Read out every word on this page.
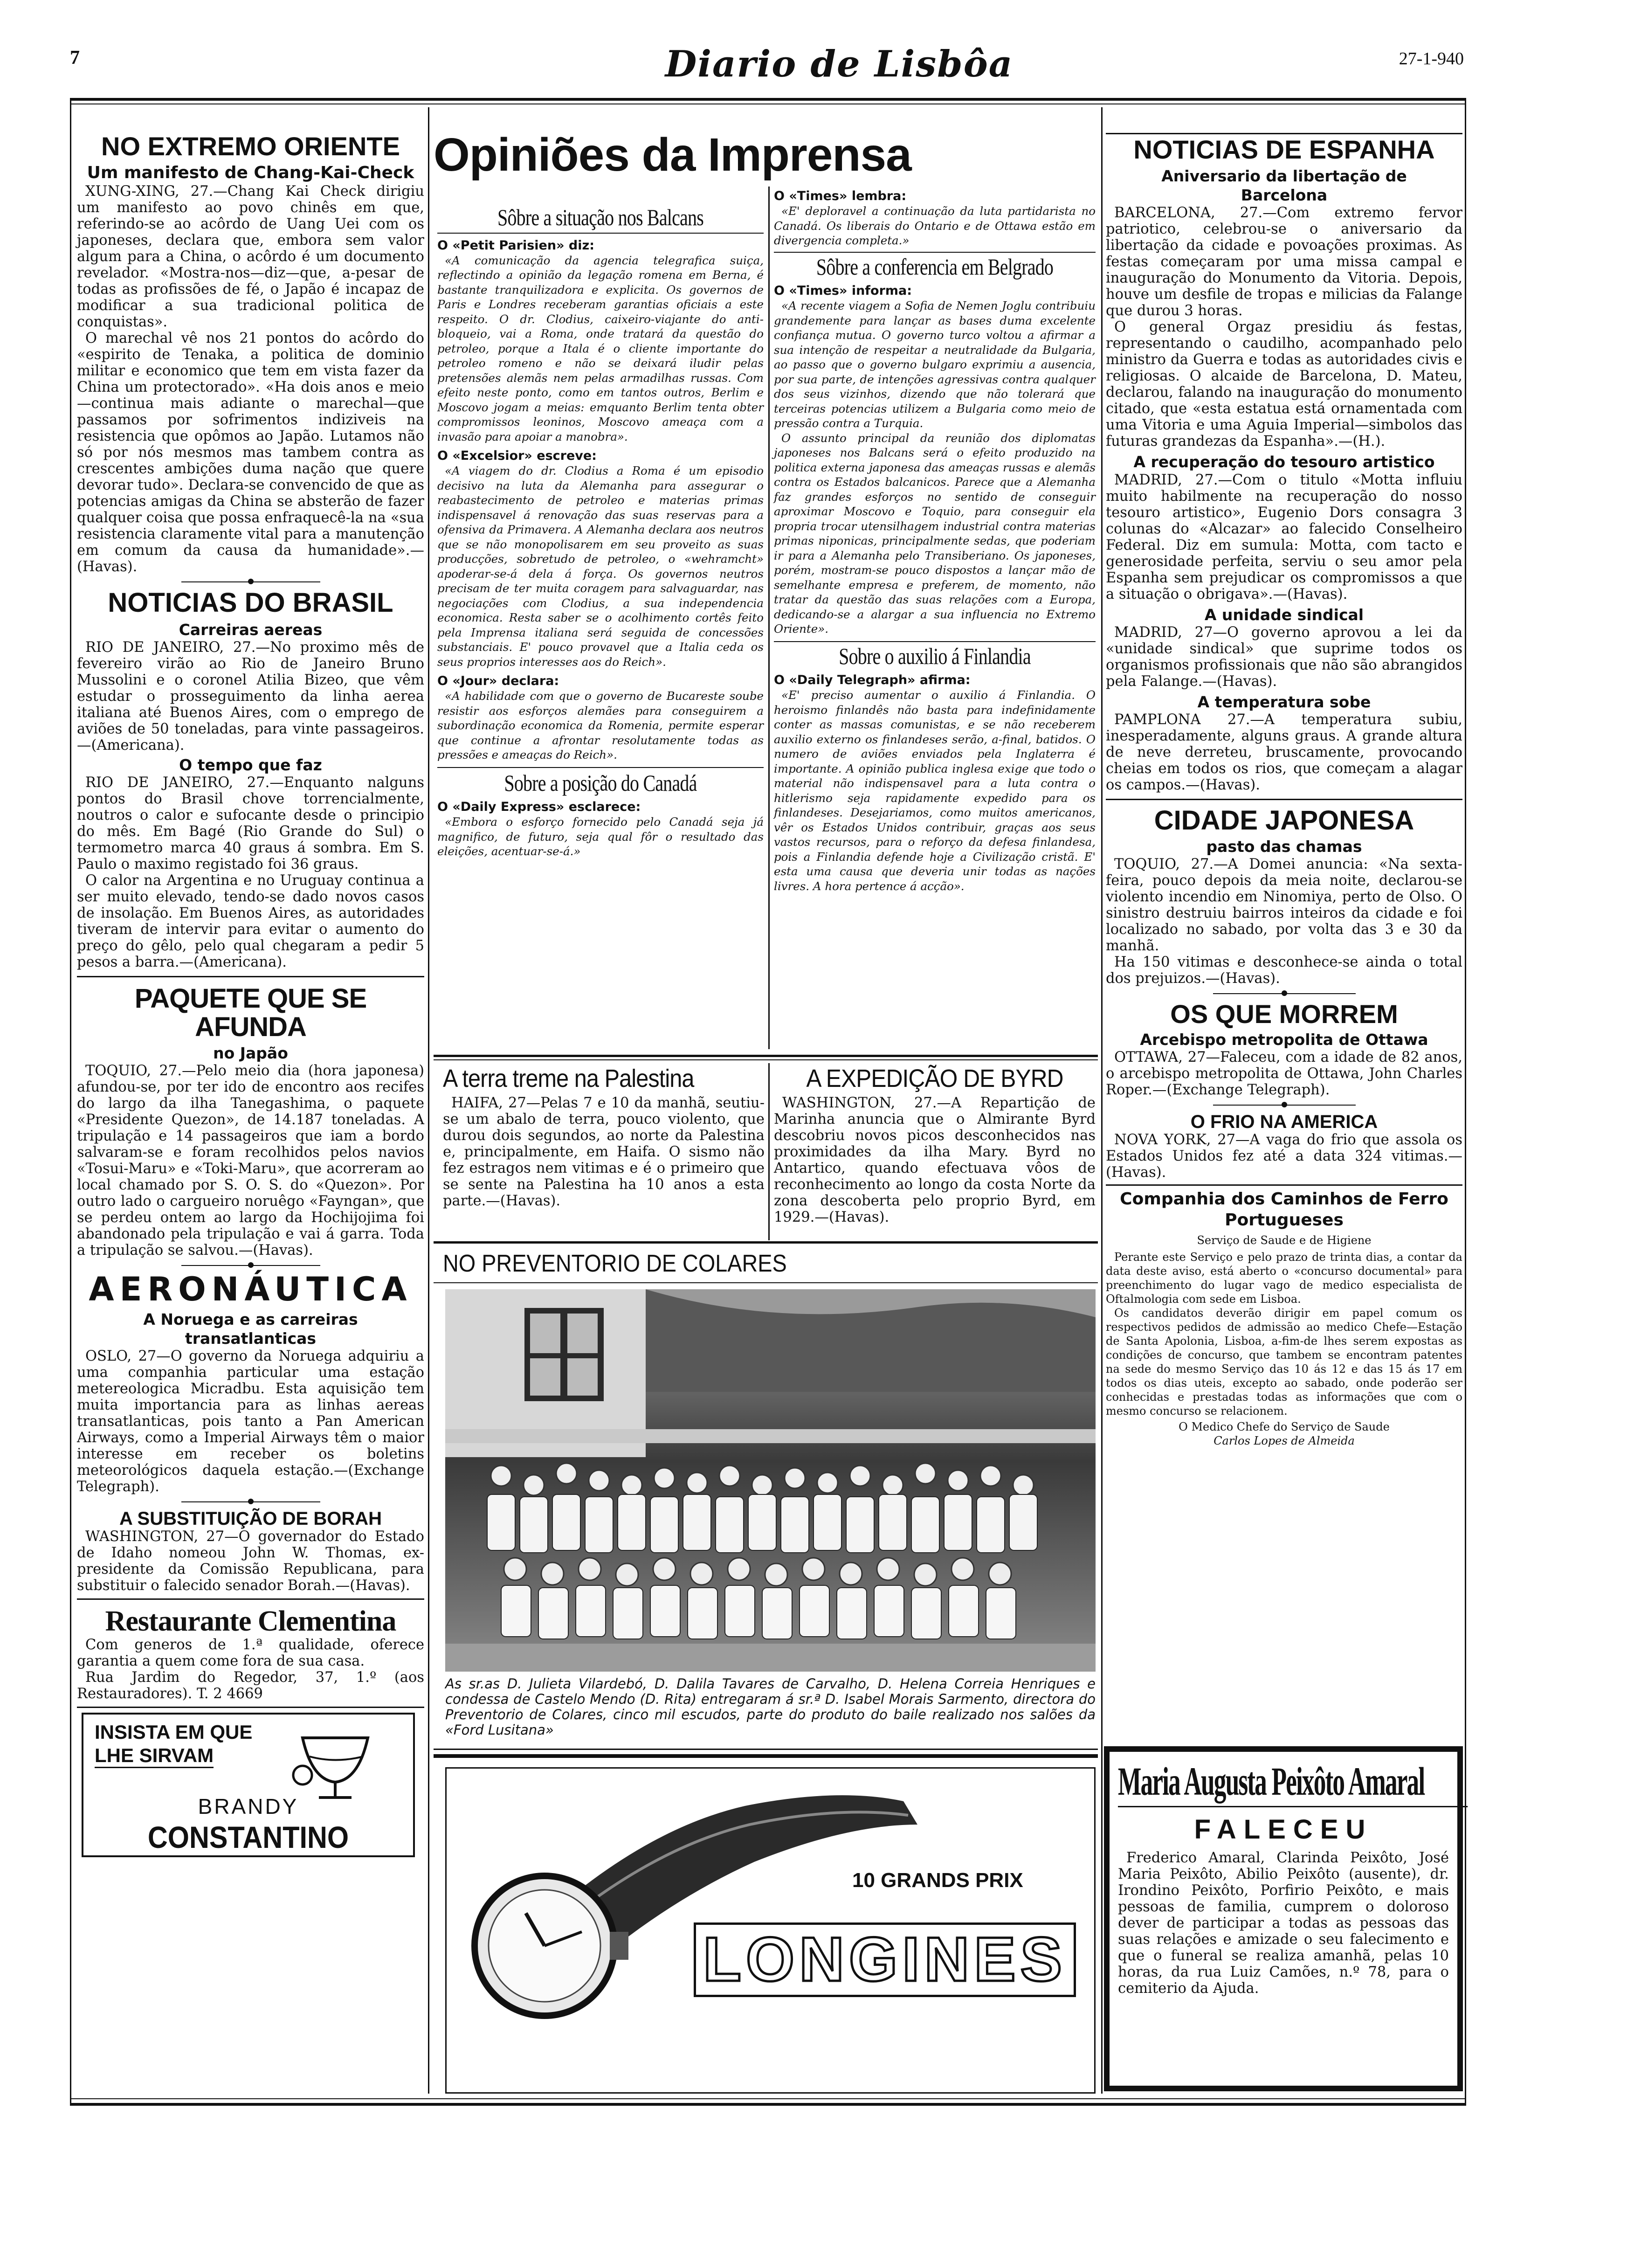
7	Diario de Lisbôa	27-1-940
NO EXTREMO ORIENTE
Um manifesto de Chang-Kai-Check

XUNG-XING, 27.—Chang Kai Check dirigiu um manifesto ao povo chinês em que, referindo-se ao acôrdo de Uang Uei com os japoneses, declara que, embora sem valor algum para a China, o acôrdo é um documento revelador. «Mostra-nos—diz—que, a-pesar de todas as profissões de fé, o Japão é incapaz de modificar a sua tradicional politica de conquistas».

O marechal vê nos 21 pontos do acôrdo do «espirito de Tenaka, a politica de dominio militar e economico que tem em vista fazer da China um protectorado». «Ha dois anos e meio—continua mais adiante o marechal—que passamos por sofrimentos indiziveis na resistencia que opômos ao Japão. Lutamos não só por nós mesmos mas tambem contra as crescentes ambições duma nação que quere devorar tudo». Declara-se convencido de que as potencias amigas da China se absterão de fazer qualquer coisa que possa enfraquecê-la na «sua resistencia claramente vital para a manutenção em comum da causa da humanidade».—(Havas).

NOTICIAS DO BRASIL
Carreiras aereas

RIO DE JANEIRO, 27.—No proximo mês de fevereiro virão ao Rio de Janeiro Bruno Mussolini e o coronel Atilia Bizeo, que vêm estudar o prosseguimento da linha aerea italiana até Buenos Aires, com o emprego de aviões de 50 toneladas, para vinte passageiros.—(Americana).

O tempo que faz

RIO DE JANEIRO, 27.—Enquanto nalguns pontos do Brasil chove torrencialmente, noutros o calor e sufocante desde o principio do mês. Em Bagé (Rio Grande do Sul) o termometro marca 40 graus á sombra. Em S. Paulo o maximo registado foi 36 graus.

O calor na Argentina e no Uruguay continua a ser muito elevado, tendo-se dado novos casos de insolação. Em Buenos Aires, as autoridades tiveram de intervir para evitar o aumento do preço do gêlo, pelo qual chegaram a pedir 5 pesos a barra.—(Americana).

PAQUETE QUE SE AFUNDA
no Japão

TOQUIO, 27.—Pelo meio dia (hora japonesa) afundou-se, por ter ido de encontro aos recifes do largo da ilha Tanegashima, o paquete «Presidente Quezon», de 14.187 toneladas. A tripulação e 14 passageiros que iam a bordo salvaram-se e foram recolhidos pelos navios «Tosui-Maru» e «Toki-Maru», que acorreram ao local chamado por S. O. S. do «Quezon». Por outro lado o cargueiro noruêgo «Fayngan», que se perdeu ontem ao largo da Hochijojima foi abandonado pela tripulação e vai á garra. Toda a tripulação se salvou.—(Havas).

AERONÁUTICA
A Noruega e as carreiras transatlanticas

OSLO, 27—O governo da Noruega adquiriu a uma companhia particular uma estação metereologica Micradbu. Esta aquisição tem muita importancia para as linhas aereas transatlanticas, pois tanto a Pan American Airways, como a Imperial Airways têm o maior interesse em receber os boletins meteorológicos daquela estação.—(Exchange Telegraph).

A SUBSTITUIÇÃO DE BORAH

WASHINGTON, 27—O governador do Estado de Idaho nomeou John W. Thomas, ex-presidente da Comissão Republicana, para substituir o falecido senador Borah.—(Havas).

Restaurante Clementina

Com generos de 1.ª qualidade, oferece garantia a quem come fora de sua casa.

Rua Jardim do Regedor, 37, 1.º (aos Restauradores). T. 2 4669

INSISTA EM QUE
LHE SIRVAM
BRANDY
CONSTANTINO
Opiniões da Imprensa
Sôbre a situação nos Balcans
O «Petit Parisien» diz:

«A comunicação da agencia telegrafica suiça, reflectindo a opinião da legação romena em Berna, é bastante tranquilizadora e explicita. Os governos de Paris e Londres receberam garantias oficiais a este respeito. O dr. Clodius, caixeiro-viajante do anti-bloqueio, vai a Roma, onde tratará da questão do petroleo, porque a Itala é o cliente importante do petroleo romeno e não se deixará iludir pelas pretensões alemãs nem pelas armadilhas russas. Com efeito neste ponto, como em tantos outros, Berlim e Moscovo jogam a meias: emquanto Berlim tenta obter compromissos leoninos, Moscovo ameaça com a invasão para apoiar a manobra».

O «Excelsior» escreve:

«A viagem do dr. Clodius a Roma é um episodio decisivo na luta da Alemanha para assegurar o reabastecimento de petroleo e materias primas indispensavel á renovação das suas reservas para a ofensiva da Primavera. A Alemanha declara aos neutros que se não monopolisarem em seu proveito as suas producções, sobretudo de petroleo, o «wehramcht» apoderar-se-á dela á força. Os governos neutros precisam de ter muita coragem para salvaguardar, nas negociações com Clodius, a sua independencia economica. Resta saber se o acolhimento cortês feito pela Imprensa italiana será seguida de concessões substanciais. E' pouco provavel que a Italia ceda os seus proprios interesses aos do Reich».

O «Jour» declara:

«A habilidade com que o governo de Bucareste soube resistir aos esforços alemães para conseguirem a subordinação economica da Romenia, permite esperar que continue a afrontar resolutamente todas as pressões e ameaças do Reich».

Sobre a posição do Canadá
O «Daily Express» esclarece:

«Embora o esforço fornecido pelo Canadá seja já magnifico, de futuro, seja qual fôr o resultado das eleições, acentuar-se-á.»

O «Times» lembra:

«E' deploravel a continuação da luta partidarista no Canadá. Os liberais do Ontario e de Ottawa estão em divergencia completa.»

Sôbre a conferencia em Belgrado
O «Times» informa:

«A recente viagem a Sofia de Nemen Joglu contribuiu grandemente para lançar as bases duma excelente confiança mutua. O governo turco voltou a afirmar a sua intenção de respeitar a neutralidade da Bulgaria, ao passo que o governo bulgaro exprimiu a ausencia, por sua parte, de intenções agressivas contra qualquer dos seus vizinhos, dizendo que não tolerará que terceiras potencias utilizem a Bulgaria como meio de pressão contra a Turquia.

O assunto principal da reunião dos diplomatas japoneses nos Balcans será o efeito produzido na politica externa japonesa das ameaças russas e alemãs contra os Estados balcanicos. Parece que a Alemanha faz grandes esforços no sentido de conseguir aproximar Moscovo e Toquio, para conseguir ela propria trocar utensilhagem industrial contra materias primas niponicas, principalmente sedas, que poderiam ir para a Alemanha pelo Transiberiano. Os japoneses, porém, mostram-se pouco dispostos a lançar mão de semelhante empresa e preferem, de momento, não tratar da questão das suas relações com a Europa, dedicando-se a alargar a sua influencia no Extremo Oriente».

Sobre o auxilio á Finlandia
O «Daily Telegraph» afirma:

«E' preciso aumentar o auxilio á Finlandia. O heroismo finlandês não basta para indefinidamente conter as massas comunistas, e se não receberem auxilio externo os finlandeses serão, a-final, batidos. O numero de aviões enviados pela Inglaterra é importante. A opinião publica inglesa exige que todo o material não indispensavel para a luta contra o hitlerismo seja rapidamente expedido para os finlandeses. Desejariamos, como muitos americanos, vêr os Estados Unidos contribuir, graças aos seus vastos recursos, para o reforço da defesa finlandesa, pois a Finlandia defende hoje a Civilização cristã. E' esta uma causa que deveria unir todas as nações livres. A hora pertence á acção».

A terra treme na Palestina

HAIFA, 27—Pelas 7 e 10 da manhã, seutiu-se um abalo de terra, pouco violento, que durou dois segundos, ao norte da Palestina e, principalmente, em Haifa. O sismo não fez estragos nem vitimas e é o primeiro que se sente na Palestina ha 10 anos a esta parte.—(Havas).

A EXPEDIÇÃO DE BYRD

WASHINGTON, 27.—A Repartição de Marinha anuncia que o Almirante Byrd descobriu novos picos desconhecidos nas proximidades da ilha Mary. Byrd no Antartico, quando efectuava vôos de reconhecimento ao longo da costa Norte da zona descoberta pelo proprio Byrd, em 1929.—(Havas).

NO PREVENTORIO DE COLARES

As sr.as D. Julieta Vilardebó, D. Dalila Tavares de Carvalho, D. Helena Correia Henriques e condessa de Castelo Mendo (D. Rita) entregaram á sr.ª D. Isabel Morais Sarmento, directora do Preventorio de Colares, cinco mil escudos, parte do produto do baile realizado nos salões da «Ford Lusitana»

10 GRANDS PRIX
LONGINES
NOTICIAS DE ESPANHA
Aniversario da libertação de Barcelona

BARCELONA, 27.—Com extremo fervor patriotico, celebrou-se o aniversario da libertação da cidade e povoações proximas. As festas começaram por uma missa campal e inauguração do Monumento da Vitoria. Depois, houve um desfile de tropas e milicias da Falange que durou 3 horas.

O general Orgaz presidiu ás festas, representando o caudilho, acompanhado pelo ministro da Guerra e todas as autoridades civis e religiosas. O alcaide de Barcelona, D. Mateu, declarou, falando na inauguração do monumento citado, que «esta estatua está ornamentada com uma Vitoria e uma Aguia Imperial—simbolos das futuras grandezas da Espanha».—(H.).

A recuperação do tesouro artistico

MADRID, 27.—Com o titulo «Motta influiu muito habilmente na recuperação do nosso tesouro artistico», Eugenio Dors consagra 3 colunas do «Alcazar» ao falecido Conselheiro Federal. Diz em sumula: Motta, com tacto e generosidade perfeita, serviu o seu amor pela Espanha sem prejudicar os compromissos a que a situação o obrigava».—(Havas).

A unidade sindical

MADRID, 27—O governo aprovou a lei da «unidade sindical» que suprime todos os organismos profissionais que não são abrangidos pela Falange.—(Havas).

A temperatura sobe

PAMPLONA 27.—A temperatura subiu, inesperadamente, alguns graus. A grande altura de neve derreteu, bruscamente, provocando cheias em todos os rios, que começam a alagar os campos.—(Havas).

CIDADE JAPONESA
pasto das chamas

TOQUIO, 27.—A Domei anuncia: «Na sexta-feira, pouco depois da meia noite, declarou-se violento incendio em Ninomiya, perto de Olso. O sinistro destruiu bairros inteiros da cidade e foi localizado no sabado, por volta das 3 e 30 da manhã.

Ha 150 vitimas e desconhece-se ainda o total dos prejuizos.—(Havas).

OS QUE MORREM
Arcebispo metropolita de Ottawa

OTTAWA, 27—Faleceu, com a idade de 82 anos, o arcebispo metropolita de Ottawa, John Charles Roper.—(Exchange Telegraph).

O FRIO NA AMERICA

NOVA YORK, 27—A vaga do frio que assola os Estados Unidos fez até a data 324 vitimas.—(Havas).

Companhia dos Caminhos de Ferro Portugueses
Serviço de Saude e de Higiene

Perante este Serviço e pelo prazo de trinta dias, a contar da data deste aviso, está aberto o «concurso documental» para preenchimento do lugar vago de medico especialista de Oftalmologia com sede em Lisboa.

Os candidatos deverão dirigir em papel comum os respectivos pedidos de admissão ao medico Chefe—Estação de Santa Apolonia, Lisboa, a-fim-de lhes serem expostas as condições de concurso, que tambem se encontram patentes na sede do mesmo Serviço das 10 ás 12 e das 15 ás 17 em todos os dias uteis, excepto ao sabado, onde poderão ser conhecidas e prestadas todas as informações que com o mesmo concurso se relacionem.

O Medico Chefe do Serviço de Saude
Carlos Lopes de Almeida
Maria Augusta Peixôto Amaral
FALECEU

Frederico Amaral, Clarinda Peixôto, José Maria Peixôto, Abilio Peixôto (ausente), dr. Irondino Peixôto, Porfirio Peixôto, e mais pessoas de familia, cumprem o doloroso dever de participar a todas as pessoas das suas relações e amizade o seu falecimento e que o funeral se realiza amanhã, pelas 10 horas, da rua Luiz Camões, n.º 78, para o cemiterio da Ajuda.
